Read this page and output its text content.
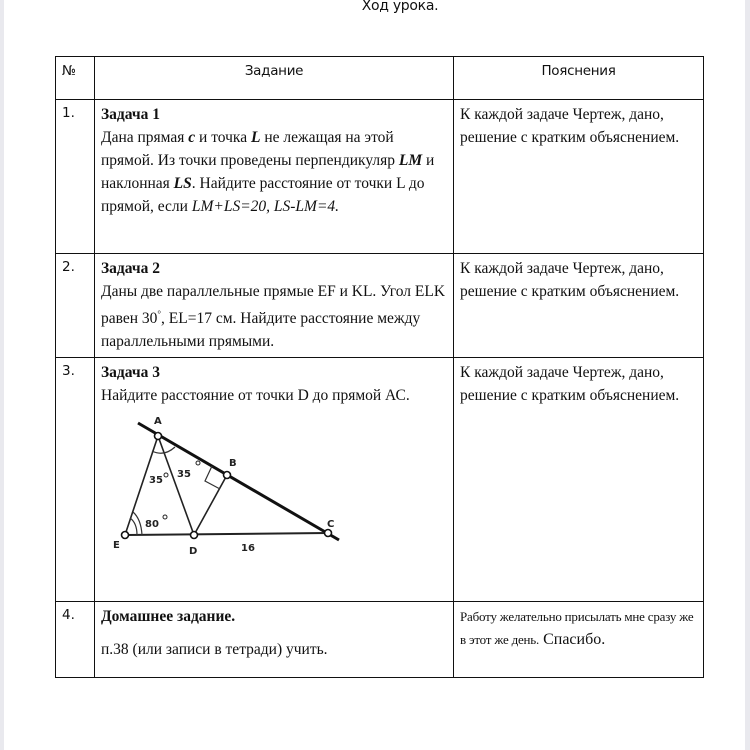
Ход урока.
№	Задание	Пояснения
1.	Задача 1
Дана прямая c и точка L не лежащая на этой прямой. Из точки проведены перпендикуляр LM и наклонная LS. Найдите расстояние от точки L до прямой, если LM+LS=20, LS-LM=4.	К каждой задаче Чертеж, дано, решение с кратким объяснением.
2.	Задача 2
Даны две параллельные прямые EF и KL. Угол ELK равен 30°, EL=17 см. Найдите расстояние между параллельными прямыми.	К каждой задаче Чертеж, дано, решение с кратким объяснением.
3.	Задача 3
Найдите расстояние от точки D до прямой АС.
A
B
C
D
E
35
35
80
16
	К каждой задаче Чертеж, дано, решение с кратким объяснением.
4.	Домашнее задание.
п.38 (или записи в тетради) учить.	Работу желательно присылать мне сразу же в этот же день. Спасибо.
